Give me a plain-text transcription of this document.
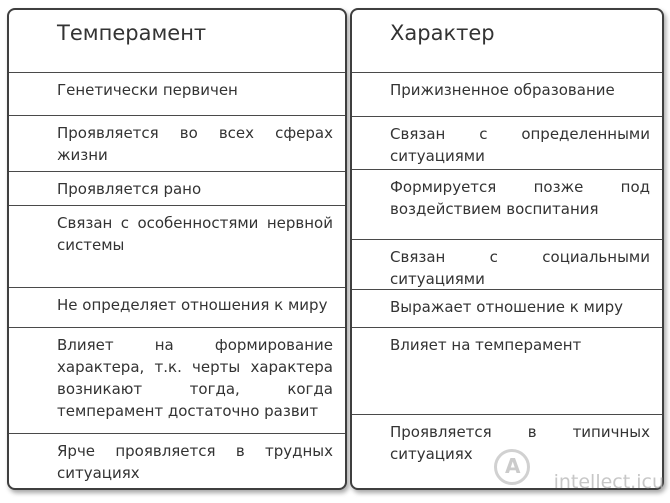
Темперамент
Генетически первичен
Проявляется во всех сферах жизни
Проявляется рано
Связан с особенностями нервной системы
Не определяет отношения к миру
Влияет на формирование характера, т.к. черты характера возникают тогда, когда темперамент достаточно развит
Ярче проявляется в трудных ситуациях
Характер
Прижизненное образование
Связан с определенными ситуациями
Формируется позже под воздействием воспитания
Связан с социальными ситуациями
Выражает отношение к миру
Влияет на темперамент
Проявляется в типичных ситуациях
A
intellect.icu
